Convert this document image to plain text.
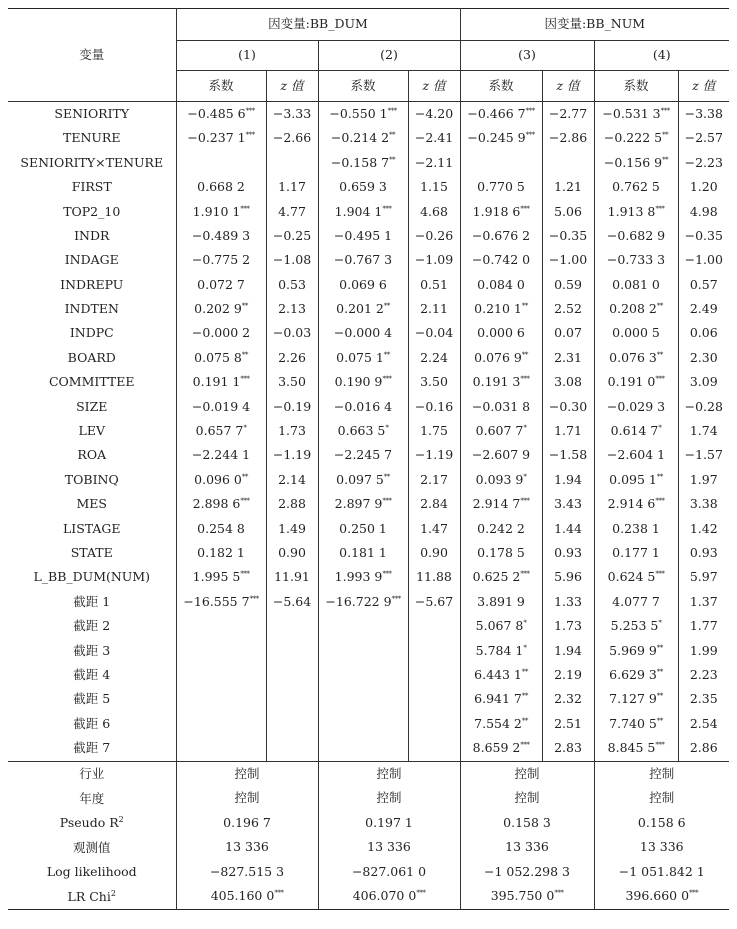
变量	因变量:BB_DUM				因变量:BB_NUM			
	(1)		(2)		(3)		(4)	
	系数	z 值	系数	z 值	系数	z 值	系数	z 值
SENIORITY	−0.485 6***	−3.33	−0.550 1***	−4.20	−0.466 7***	−2.77	−0.531 3***	−3.38
TENURE	−0.237 1***	−2.66	−0.214 2**	−2.41	−0.245 9***	−2.86	−0.222 5**	−2.57
SENIORITY×TENURE			−0.158 7**	−2.11			−0.156 9**	−2.23
FIRST	0.668 2	1.17	0.659 3	1.15	0.770 5	1.21	0.762 5	1.20
TOP2_10	1.910 1***	4.77	1.904 1***	4.68	1.918 6***	5.06	1.913 8***	4.98
INDR	−0.489 3	−0.25	−0.495 1	−0.26	−0.676 2	−0.35	−0.682 9	−0.35
INDAGE	−0.775 2	−1.08	−0.767 3	−1.09	−0.742 0	−1.00	−0.733 3	−1.00
INDREPU	0.072 7	0.53	0.069 6	0.51	0.084 0	0.59	0.081 0	0.57
INDTEN	0.202 9**	2.13	0.201 2**	2.11	0.210 1**	2.52	0.208 2**	2.49
INDPC	−0.000 2	−0.03	−0.000 4	−0.04	0.000 6	0.07	0.000 5	0.06
BOARD	0.075 8**	2.26	0.075 1**	2.24	0.076 9**	2.31	0.076 3**	2.30
COMMITTEE	0.191 1***	3.50	0.190 9***	3.50	0.191 3***	3.08	0.191 0***	3.09
SIZE	−0.019 4	−0.19	−0.016 4	−0.16	−0.031 8	−0.30	−0.029 3	−0.28
LEV	0.657 7*	1.73	0.663 5*	1.75	0.607 7*	1.71	0.614 7*	1.74
ROA	−2.244 1	−1.19	−2.245 7	−1.19	−2.607 9	−1.58	−2.604 1	−1.57
TOBINQ	0.096 0**	2.14	0.097 5**	2.17	0.093 9*	1.94	0.095 1**	1.97
MES	2.898 6***	2.88	2.897 9***	2.84	2.914 7***	3.43	2.914 6***	3.38
LISTAGE	0.254 8	1.49	0.250 1	1.47	0.242 2	1.44	0.238 1	1.42
STATE	0.182 1	0.90	0.181 1	0.90	0.178 5	0.93	0.177 1	0.93
L_BB_DUM(NUM)	1.995 5***	11.91	1.993 9***	11.88	0.625 2***	5.96	0.624 5***	5.97
截距 1	−16.555 7***	−5.64	−16.722 9***	−5.67	3.891 9	1.33	4.077 7	1.37
截距 2					5.067 8*	1.73	5.253 5*	1.77
截距 3					5.784 1*	1.94	5.969 9**	1.99
截距 4					6.443 1**	2.19	6.629 3**	2.23
截距 5					6.941 7**	2.32	7.127 9**	2.35
截距 6					7.554 2**	2.51	7.740 5**	2.54
截距 7					8.659 2***	2.83	8.845 5***	2.86
行业	控制		控制		控制		控制	
年度	控制		控制		控制		控制	
Pseudo $R^2$	0.196 7		0.197 1		0.158 3		0.158 6	
观测值	13 336		13 336		13 336		13 336	
Log likelihood	−827.515 3		−827.061 0		−1 052.298 3		−1 051.842 1	
LR Chi$^2$	405.160 0***		406.070 0***		395.750 0***		396.660 0***
